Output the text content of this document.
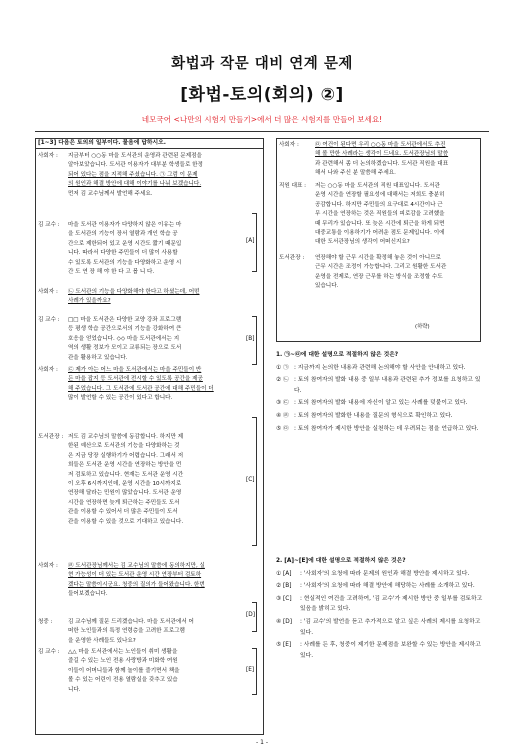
화법과 작문 대비 연계 문제
[화법-토의(회의) ②]
네모국어 <나만의 시험지 만들기>에서 더 많은 시험지를 만들어 보세요!
[1~3] 다음은 토의의 일부이다. 물음에 답하시오.
사회자 : 지금부터 ○○동 마을 도서관의 운영과 관련된 문제점을
알아보았습니다. 도서관 이용자가 대부분 학생들로 한정
되어 있다는 점을 지적해 주셨습니다. ㉠ 그럼 이 문제
의 원인과 해결 방안에 대해 이야기를 나눠 보겠습니다.
먼저 김 교수님께서 발언해 주세요.
김 교수 : 마을 도서관 이용자가 다양하지 않은 이유는 마
을 도서관의 기능이 장서 열람과 개인 학습 공
간으로 제한되어 있고 운영 시간도 짧기 때문입
니다. 따라서 다양한 주민들이 더 많이 사용할
수 있도록 도서관의 기능을 다양화하고 운영 시
간 도 연 장 해 야 한 다 고 봅 니 다.
사회자 : ㉡ 도서관의 기능을 다양화해야 한다고 하셨는데, 어떤
사례가 있을까요?
김 교수 : □□ 마을 도서관은 다양한 교양 강좌 프로그램
등 평생 학습 공간으로서의 기능을 강화하여 큰
호응을 얻었습니다. ◇◇ 마을 도서관에서는 지
역의 생활 정보가 모이고 교류되는 장으로 도서
관을 활용하고 있습니다.
사회자 : ㉢ 제가 아는 어느 마을 도서관에서는 마을 주민들이 반
든 마을 잡지 등 도서관에 전시할 수 있도록 공간을 제공
해 주었습니다. 그 도서관에 도서관 공간에 대해 주민들이 더
많이 발언할 수 있는 공간이 있다고 합니다.
도서관장 : 저도 김 교수님의 말씀에 동감합니다. 하지만 제
한된 예산으로 도서관의 기능을 다양화하는 것
은 지금 당장 실행하기가 어렵습니다. 그래서 저
희들은 도서관 운영 시간을 연장하는 방안을 먼
저 검토하고 있습니다. 현재는 도서관 운영 시간
이 오후 6시까지인데, 운영 시간을 10시까지로
연장해 달라는 민원이 많았습니다. 도서관 운영
시간을 연장하면 늦게 퇴근하는 주민들도 도서
관을 이용할 수 있어서 더 많은 주민들이 도서
관을 이용할 수 있을 것으로 기대하고 있습니다.
사회자 : ㉣ 도서관장님께서는 김 교수님의 말씀에 동의하지만, 실
현 가능성이 더 있는 도서관 운영 시간 연장부터 검토하
겠다는 말씀이시군요. 청중의 질의가 들어왔습니다. 한번
들어보겠습니다.
청중 :	김 교수님께 질문 드리겠습니다. 마을 도서관에서 어
떠한 노인들과의 특정 연령층을 고려한 프로그램
을 운영한 사례들도 있나요?
김 교수 : △△ 마을 도서관에서는 노인들이 취미 생활을
즐길 수 있는 노인 전용 사랑방과 미화학 여원
이들이 어머니들과 함께 놀이를 즐기면서 책을
볼 수 있는 어린이 전용 열람실을 갖추고 있습
니다.
사회자 :	㉤ 여건이 된다면 우리 ○○동 마을 도서관에서도 추진
해 볼 만한 사례라는 생각이 드네요. 도서관장님의 말씀
과 관련해서 좀 더 논의하겠습니다. 도서관 직원을 대표
해서 나와 주신 분 말씀해 주세요.
직원 대표 : 저는 ○○동 마을 도서관의 직원 대표입니다. 도서관
운영 시간을 연장할 필요성에 대해서는 저희도 충분히
공감합니다. 하지만 주민들의 요구대로 4시간이나 근
무 시간을 연장하는 것은 직원들의 피로감을 고려했을
때 무리가 있습니다. 또 늦은 시간에 퇴근을 하게 되면
대중교통을 이용하기가 어려운 점도 문제입니다. 이에
대한 도서관장님의 생각이 어떠신지요?
도서관장 : 연장해야 할 근무 시간을 확정해 놓은 것이 아니므로
근무 시간은 조정이 가능합니다. 그리고 원활한 도서관
운영을 전제로, 연장 근무를 하는 방식을 조정할 수도
있습니다.
(하략)
1. ㉠~㉤에 대한 설명으로 적절하지 않은 것은?
① ㉠ : 지금까지 논의한 내용과 관련해 논의해야 할 사안을 안내하고 있다.
② ㉡ : 토의 참여자의 발화 내용 중 일부 내용과 관련된 추가 정보를 요청하고 있다.
③ ㉢ : 토의 참여자의 발화 내용에 자신이 알고 있는 사례를 덧붙이고 있다.
④ ㉣ : 토의 참여자의 발화한 내용을 질문의 형식으로 확인하고 있다.
⑤ ㉤ : 토의 참여자가 제시한 방안을 실천하는 데 우려되는 점을 언급하고 있다.
2. [A]~[E]에 대한 설명으로 적절하지 않은 것은?
① [A] : '사회자'의 요청에 따라 문제의 원인과 해결 방안을 제시하고 있다.
② [B] : '사회자'의 요청에 따라 해결 방안에 해당하는 사례를 소개하고 있다.
③ [C] : 현실적인 여건을 고려하여, '김 교수'가 제시한 방안 중 일부를 검토하고 있음을 밝히고 있다.
④ [D] : '김 교수'의 발언을 듣고 추가적으로 알고 싶은 사례의 제시를 요청하고 있다.
⑤ [E] : 사례를 든 후, 청중이 제기한 문제점을 보완할 수 있는 방안을 제시하고 있다.
- 1 -
[A]
[B]
[C]
[D]
[E]
